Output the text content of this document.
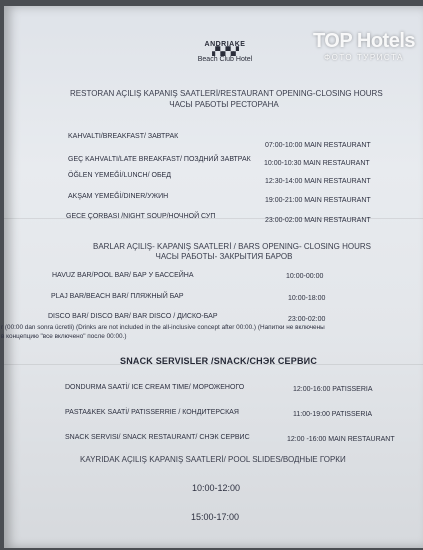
ANDRIAKE
▞▚▞▚▞
Beach Club Hotel
RESTORAN AÇILIŞ KAPANIŞ SAATLERİ/RESTAURANT OPENING-CLOSING HOURS
ЧАСЫ РАБОТЫ РЕСТОРАНА
KAHVALTI/BREAKFAST/ ЗАВТРАК
07:00-10:00 MAIN RESTAURANT
GEÇ KAHVALTI/LATE BREAKFAST/ ПОЗДНИЙ ЗАВТРАК
10:00-10:30 MAIN RESTAURANT
ÖĞLEN YEMEĞİ/LUNCH/ ОБЕД
12:30-14:00 MAIN RESTAURANT
AKŞAM YEMEĞİ/DINER/УЖИН
19:00-21:00 MAIN RESTAURANT
GECE ÇORBASI /NIGHT SOUP/НОЧНОЙ СУП
23:00-02:00 MAIN RESTAURANT
BARLAR AÇILIŞ- KAPANIŞ SAATLERİ / BARS OPENING- CLOSING HOURS
ЧАСЫ РАБОТЫ- ЗАКРЫТИЯ БАРОВ
HAVUZ BAR/POOL BAR/ БАР У БАССЕЙНА	10:00-00:00
PLAJ BAR/BEACH BAR/ ПЛЯЖНЫЙ БАР	10:00-18:00
DISCO BAR/ DISCO BAR/ BAR DISCO / ДИСКО-БАР	23:00-02:00
r (00:00 dan sonra ücretli) (Drinks are not included in the all-inclusive concept after 00:00.) (Напитки не включены
в концепцию "все включено" после 00:00.)
SNACK SERVISLER /SNACK/СНЭК СЕРВИС
DONDURMA SAATİ/ ICE CREAM TIME/ МОРОЖЕНОГО	12:00-16:00 PATISSERIA
PASTA&KEK SAATİ/ PATISSERRIE / КОНДИТЕРСКАЯ	11:00-19:00 PATISSERIA
SNACK SERVISI/ SNACK RESTAURANT/ СНЭК СЕРВИС	12:00 -16:00 MAIN RESTAURANT
KAYRIDAK AÇILIŞ KAPANIŞ SAATLERİ/ POOL SLIDES/ВОДНЫЕ ГОРКИ
10:00-12:00
15:00-17:00
TOP Hotels
ФОТО ТУРИСТА
